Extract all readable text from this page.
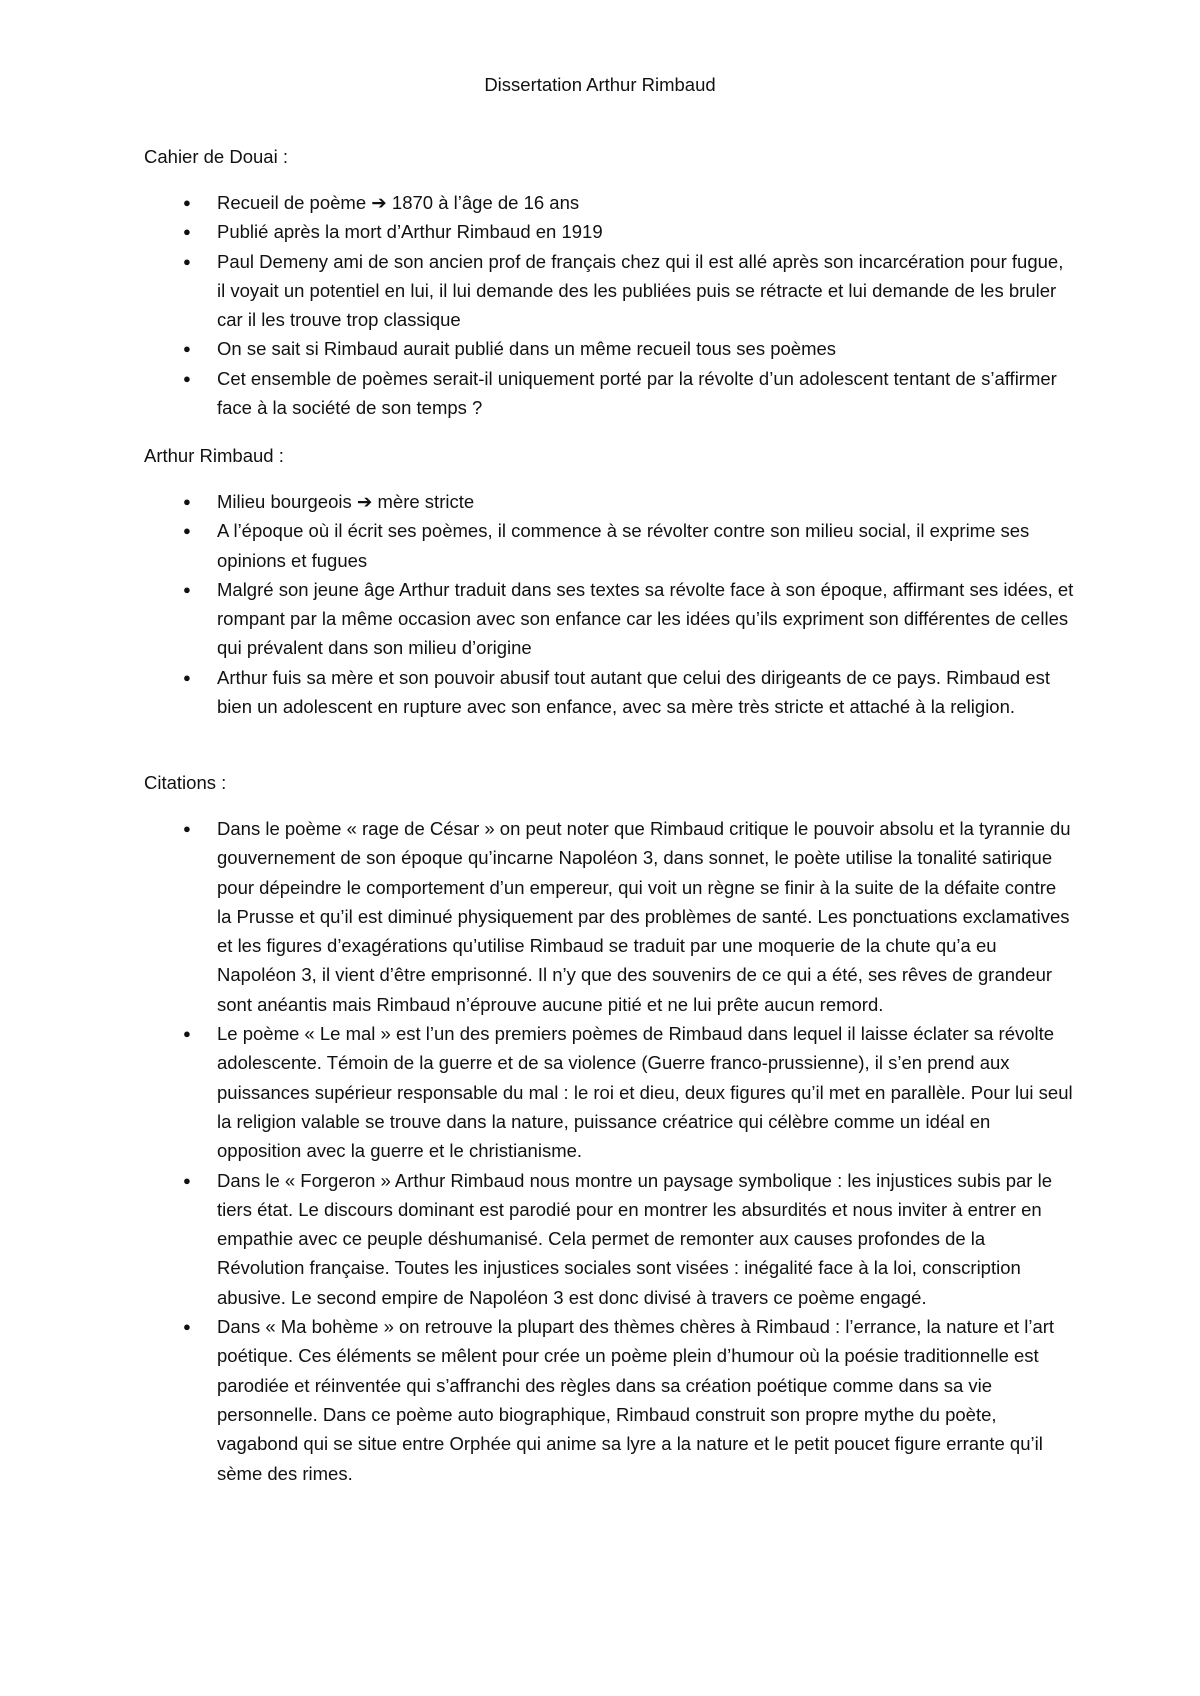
Dissertation Arthur Rimbaud
Cahier de Douai :
● Recueil de poème ➔ 1870 à l’âge de 16 ans
● Publié après la mort d’Arthur Rimbaud en 1919
● Paul Demeny ami de son ancien prof de français chez qui il est allé après son incarcération pour fugue, il voyait un potentiel en lui, il lui demande des les publiées puis se rétracte et lui demande de les bruler car il les trouve trop classique
● On se sait si Rimbaud aurait publié dans un même recueil tous ses poèmes
● Cet ensemble de poèmes serait-il uniquement porté par la révolte d’un adolescent tentant de s’affirmer face à la société de son temps ?
Arthur Rimbaud :
● Milieu bourgeois ➔ mère stricte
● A l’époque où il écrit ses poèmes, il commence à se révolter contre son milieu social, il exprime ses opinions et fugues
● Malgré son jeune âge Arthur traduit dans ses textes sa révolte face à son époque, affirmant ses idées, et rompant par la même occasion avec son enfance car les idées qu’ils expriment son différentes de celles qui prévalent dans son milieu d’origine
● Arthur fuis sa mère et son pouvoir abusif tout autant que celui des dirigeants de ce pays. Rimbaud est bien un adolescent en rupture avec son enfance, avec sa mère très stricte et attaché à la religion.
Citations :
● Dans le poème « rage de César » on peut noter que Rimbaud critique le pouvoir absolu et la tyrannie du gouvernement de son époque qu’incarne Napoléon 3, dans sonnet, le poète utilise la tonalité satirique pour dépeindre le comportement d’un empereur, qui voit un règne se finir à la suite de la défaite contre la Prusse et qu’il est diminué physiquement par des problèmes de santé. Les ponctuations exclamatives et les figures d’exagérations qu’utilise Rimbaud se traduit par une moquerie de la chute qu’a eu Napoléon 3, il vient d’être emprisonné. Il n’y que des souvenirs de ce qui a été, ses rêves de grandeur sont anéantis mais Rimbaud n’éprouve aucune pitié et ne lui prête aucun remord.
● Le poème « Le mal » est l’un des premiers poèmes de Rimbaud dans lequel il laisse éclater sa révolte adolescente. Témoin de la guerre et de sa violence (Guerre franco-prussienne), il s’en prend aux puissances supérieur responsable du mal : le roi et dieu, deux figures qu’il met en parallèle. Pour lui seul la religion valable se trouve dans la nature, puissance créatrice qui célèbre comme un idéal en opposition avec la guerre et le christianisme.
● Dans le « Forgeron » Arthur Rimbaud nous montre un paysage symbolique : les injustices subis par le tiers état. Le discours dominant est parodié pour en montrer les absurdités et nous inviter à entrer en empathie avec ce peuple déshumanisé. Cela permet de remonter aux causes profondes de la Révolution française. Toutes les injustices sociales sont visées : inégalité face à la loi, conscription abusive. Le second empire de Napoléon 3 est donc divisé à travers ce poème engagé.
● Dans « Ma bohème » on retrouve la plupart des thèmes chères à Rimbaud : l’errance, la nature et l’art poétique. Ces éléments se mêlent pour crée un poème plein d’humour où la poésie traditionnelle est parodiée et réinventée qui s’affranchi des règles dans sa création poétique comme dans sa vie personnelle. Dans ce poème auto biographique, Rimbaud construit son propre mythe du poète, vagabond qui se situe entre Orphée qui anime sa lyre a la nature et le petit poucet figure errante qu’il sème des rimes.
